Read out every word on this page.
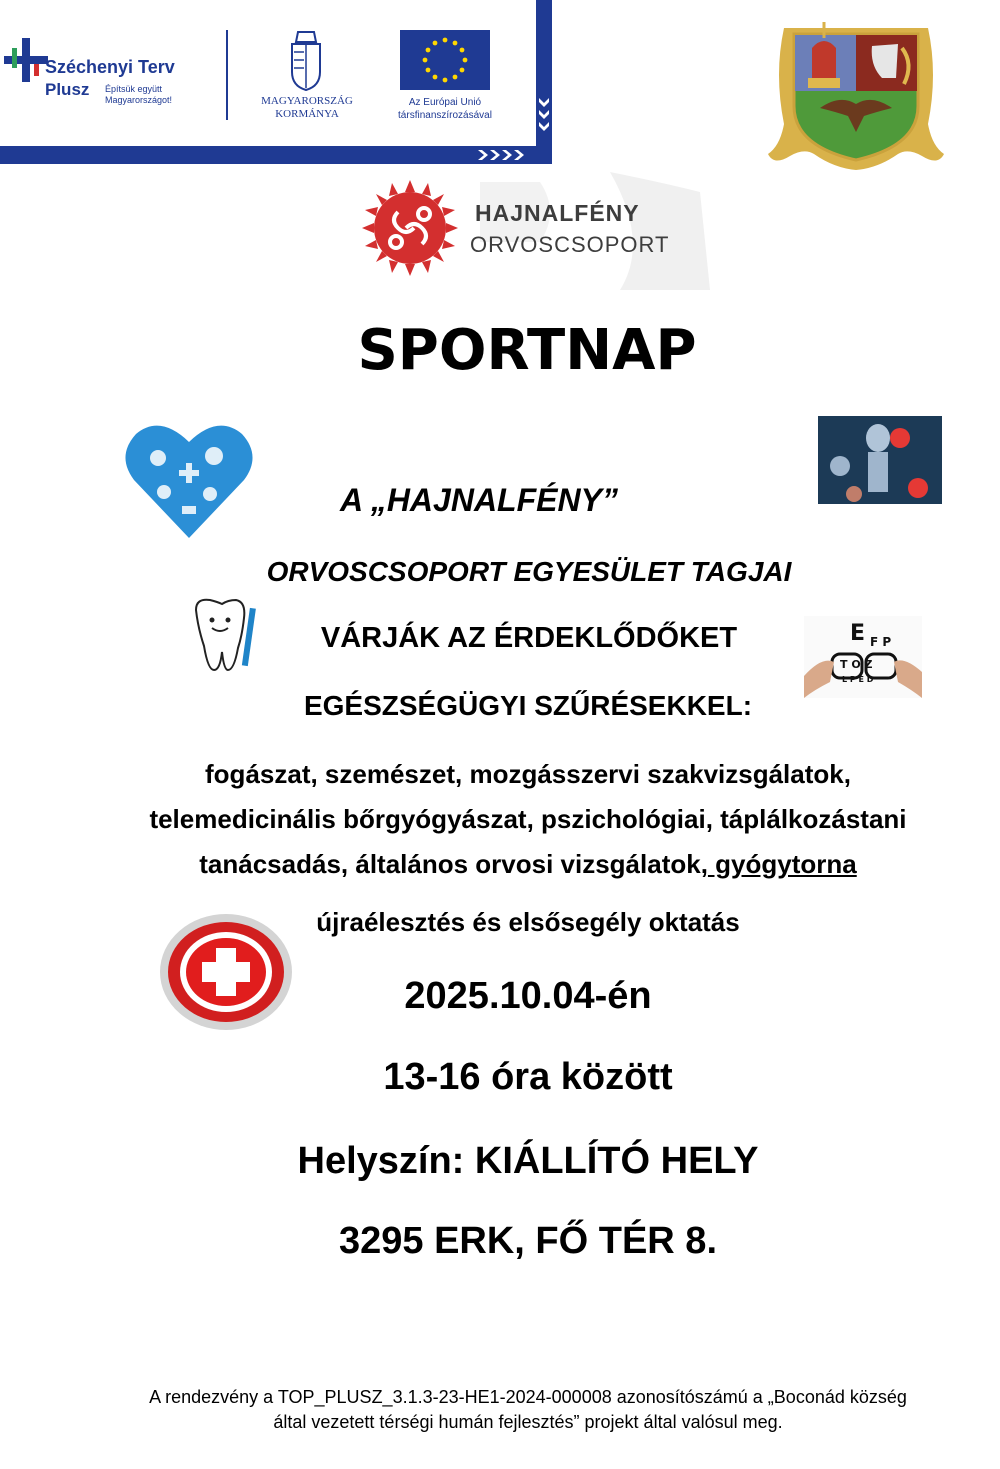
Széchenyi Terv
Plusz Építsük együtt Magyarországot!	MAGYARORSZÁG KORMÁNYA
Az Európai Unió társfinanszírozásával
HAJNALFÉNY
ORVOSCSOPORT
SPORTNAP
E F P
T O Z
L P E D
A „HAJNALFÉNY”
ORVOSCSOPORT EGYESÜLET TAGJAI
VÁRJÁK AZ ÉRDEKLŐDŐKET
EGÉSZSÉGÜGYI SZŰRÉSEKKEL:
fogászat, szemészet, mozgásszervi szakvizsgálatok,
telemedicinális bőrgyógyászat, pszichológiai, táplálkozástani
tanácsadás, általános orvosi vizsgálatok, gyógytorna
újraélesztés és elsősegély oktatás
2025.10.04-én
13-16 óra között
Helyszín: KIÁLLÍTÓ HELY
3295 ERK, FŐ TÉR 8.
A rendezvény a TOP_PLUSZ_3.1.3-23-HE1-2024-000008 azonosítószámú a „Boconád község
által vezetett térségi humán fejlesztés” projekt által valósul meg.
